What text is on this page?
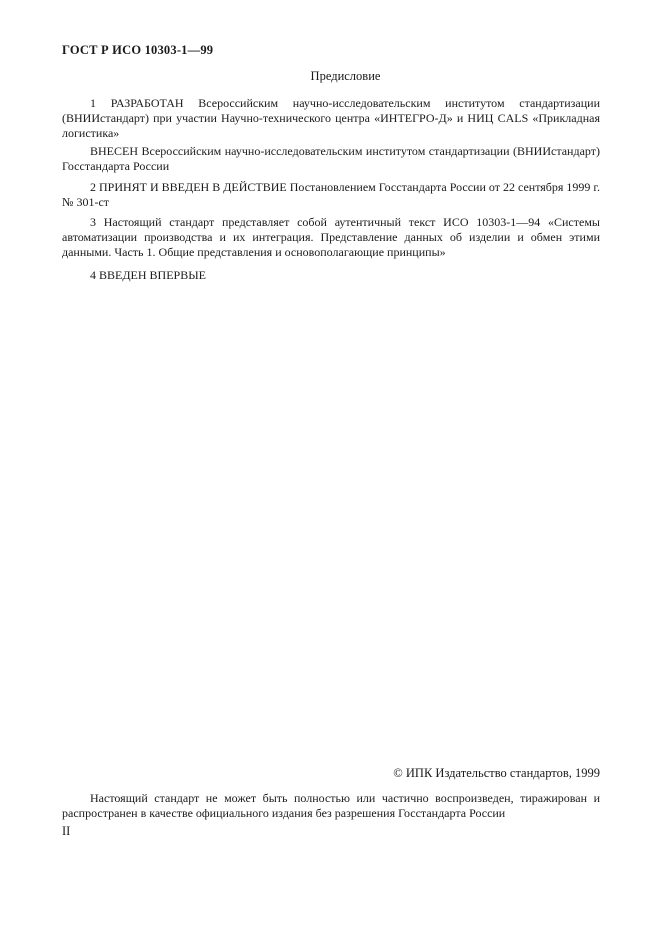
ГОСТ Р ИСО 10303-1—99
Предисловие
1 РАЗРАБОТАН Всероссийским научно-исследовательским институтом стандартизации (ВНИИстандарт) при участии Научно-технического центра «ИНТЕГРО-Д» и НИЦ CALS «Прикладная логистика»
ВНЕСЕН Всероссийским научно-исследовательским институтом стандартизации (ВНИИстандарт) Госстандарта России
2 ПРИНЯТ И ВВЕДЕН В ДЕЙСТВИЕ Постановлением Госстандарта России от 22 сентября 1999 г. № 301-ст
3 Настоящий стандарт представляет собой аутентичный текст ИСО 10303-1—94 «Системы автоматизации производства и их интеграция. Представление данных об изделии и обмен этими данными. Часть 1. Общие представления и основополагающие принципы»
4 ВВЕДЕН ВПЕРВЫЕ
© ИПК Издательство стандартов, 1999
Настоящий стандарт не может быть полностью или частично воспроизведен, тиражирован и распространен в качестве официального издания без разрешения Госстандарта России
II
